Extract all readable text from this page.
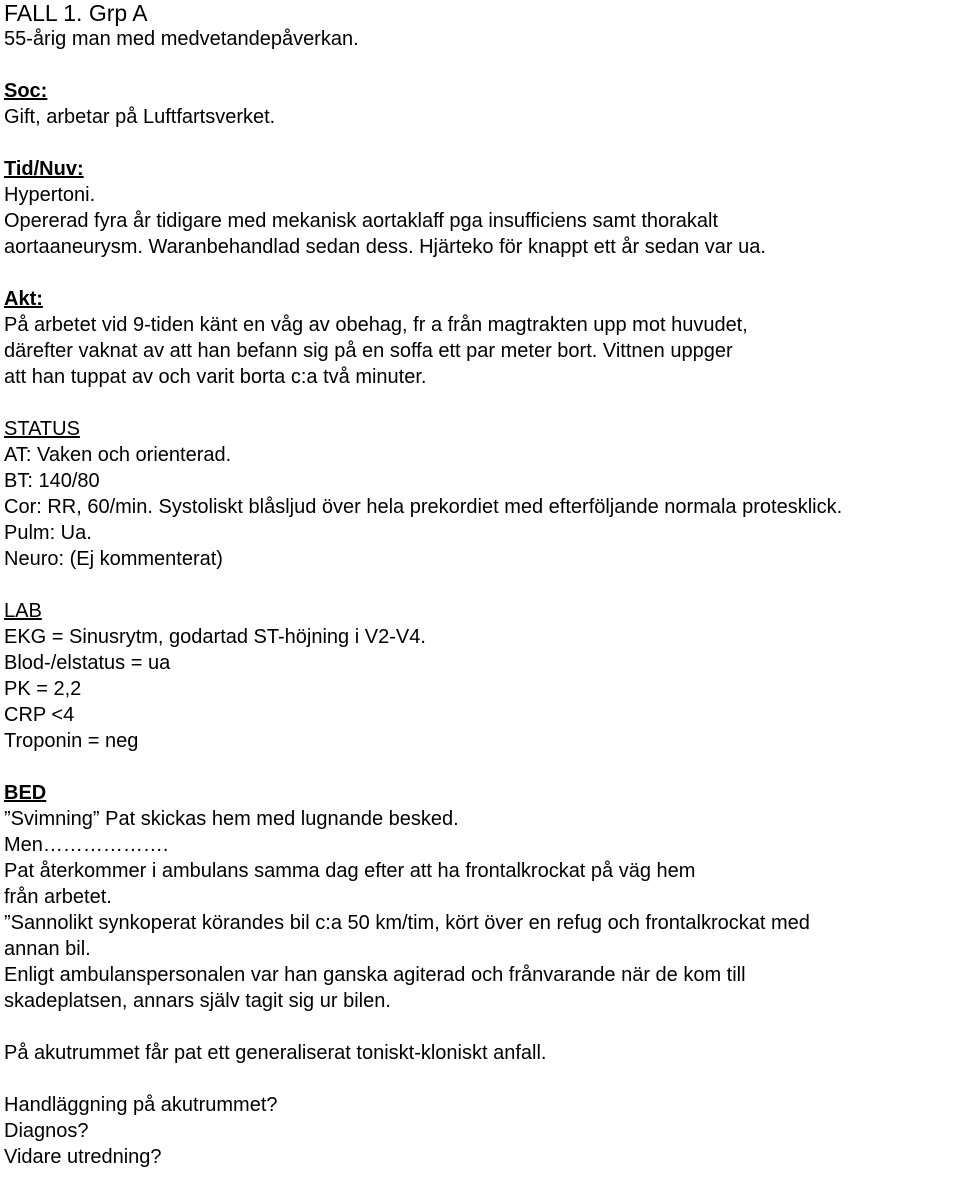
FALL 1. Grp A
55-årig man med medvetandepåverkan.
Soc:
Gift, arbetar på Luftfartsverket.
Tid/Nuv:
Hypertoni.
Opererad fyra år tidigare med mekanisk aortaklaff pga insufficiens samt thorakalt
aortaaneurysm. Waranbehandlad sedan dess. Hjärteko för knappt ett år sedan var ua.
Akt:
På arbetet vid 9-tiden känt en våg av obehag, fr a från magtrakten upp mot huvudet,
därefter vaknat av att han befann sig på en soffa ett par meter bort. Vittnen uppger
att han tuppat av och varit borta c:a två minuter.
STATUS
AT: Vaken och orienterad.
BT: 140/80
Cor: RR, 60/min. Systoliskt blåsljud över hela prekordiet med efterföljande normala proteskl​ick.
Pulm: Ua.
Neuro: (Ej kommenterat)
LAB
EKG = Sinusrytm, godartad ST-höjning i V2-V4.
Blod-/elstatus = ua
PK = 2,2
CRP <4
Troponin = neg
BED
”Svimning” Pat skickas hem med lugnande besked.
Men……………….
Pat återkommer i ambulans samma dag efter att ha frontalkrockat på väg hem
från arbetet.
”Sannolikt synkoperat körandes bil c:a 50 km/tim, kört över en refug och frontalkrockat med
annan bil.
Enligt ambulanspersonalen var han ganska agiterad och frånvarande när de kom till
skadeplatsen, annars själv tagit sig ur bilen.
På akutrummet får pat ett generaliserat toniskt-kloniskt anfall.
Handläggning på akutrummet?
Diagnos?
Vidare utredning?
